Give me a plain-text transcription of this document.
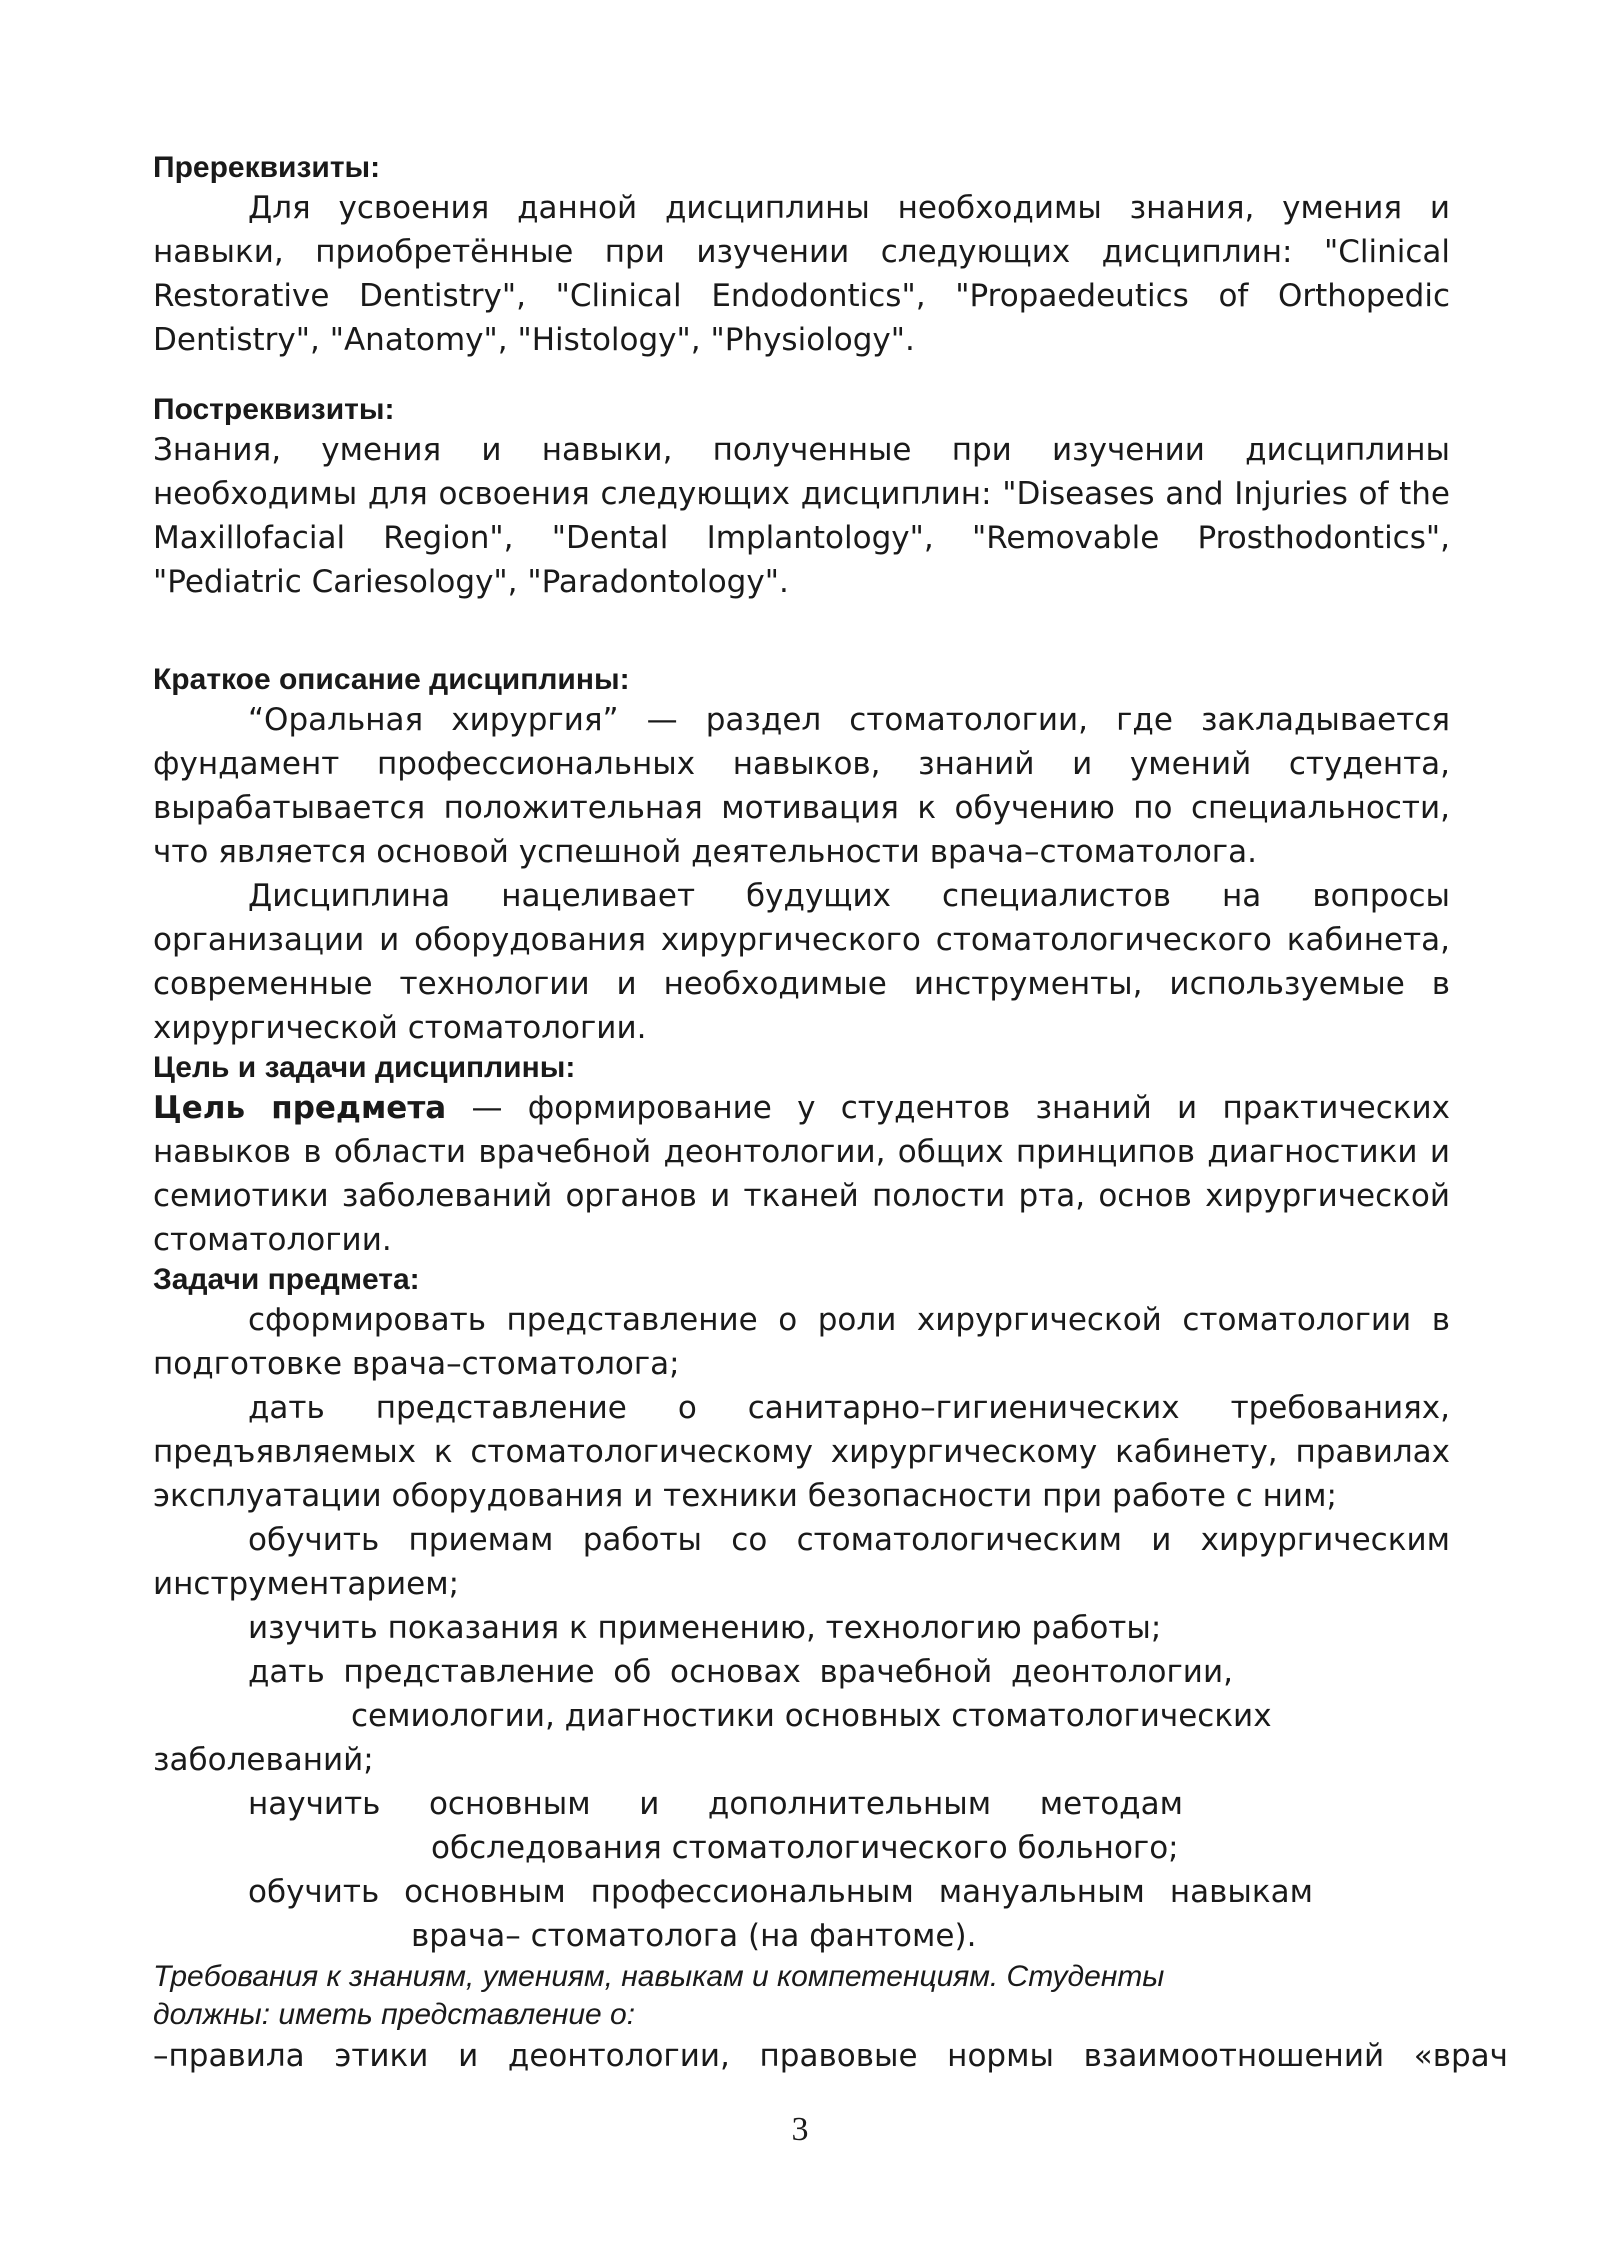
Пререквизиты:

Для усвоения данной дисциплины необходимы знания, умения и навыки, приобретённые при изучении следующих дисциплин: "Clinical Restorative Dentistry", "Clinical Endodontics", "Propaedeutics of Orthopedic Dentistry", "Anatomy", "Histology", "Physiology".

Постреквизиты:

Знания, умения и навыки, полученные при изучении дисциплины необходимы для освоения следующих дисциплин: "Diseases and Injuries of the Maxillofacial Region", "Dental Implantology", "Removable Prosthodontics", "Pediatric Cariesology", "Paradontology".

Краткое описание дисциплины:

“Оральная хирургия” — раздел стоматологии, где закладывается фундамент профессиональных навыков, знаний и умений студента, вырабатывается положительная мотивация к обучению по специальности, что является основой успешной деятельности врача–стоматолога.

Дисциплина нацеливает будущих специалистов на вопросы организации и оборудования хирургического стоматологического кабинета, современные технологии и необходимые инструменты, используемые в хирургической стоматологии.

Цель и задачи дисциплины:

Цель предмета — формирование у студентов знаний и практических навыков в области врачебной деонтологии, общих принципов диагностики и семиотики заболеваний органов и тканей полости рта, основ хирургической стоматологии.

Задачи предмета:

сформировать представление о роли хирургической стоматологии в подготовке врача–стоматолога;

дать представление о санитарно–гигиенических требованиях, предъявляемых к стоматологическому хирургическому кабинету, правилах эксплуатации оборудования и техники безопасности при работе с ним;

обучить приемам работы со стоматологическим и хирургическим инструментарием;

изучить показания к применению, технологию работы;

дать представление об основах врачебной деонтологии,

семиологии, диагностики основных стоматологических

заболеваний;

научить основным и дополнительным методам

обследования стоматологического больного;

обучить основным профессиональным мануальным навыкам

врача– стоматолога (на фантоме).

Требования к знаниям, умениям, навыкам и компетенциям. Студенты должны: иметь представление о:

–правила этики и деонтологии, правовые нормы взаимоотношений «врач

3
